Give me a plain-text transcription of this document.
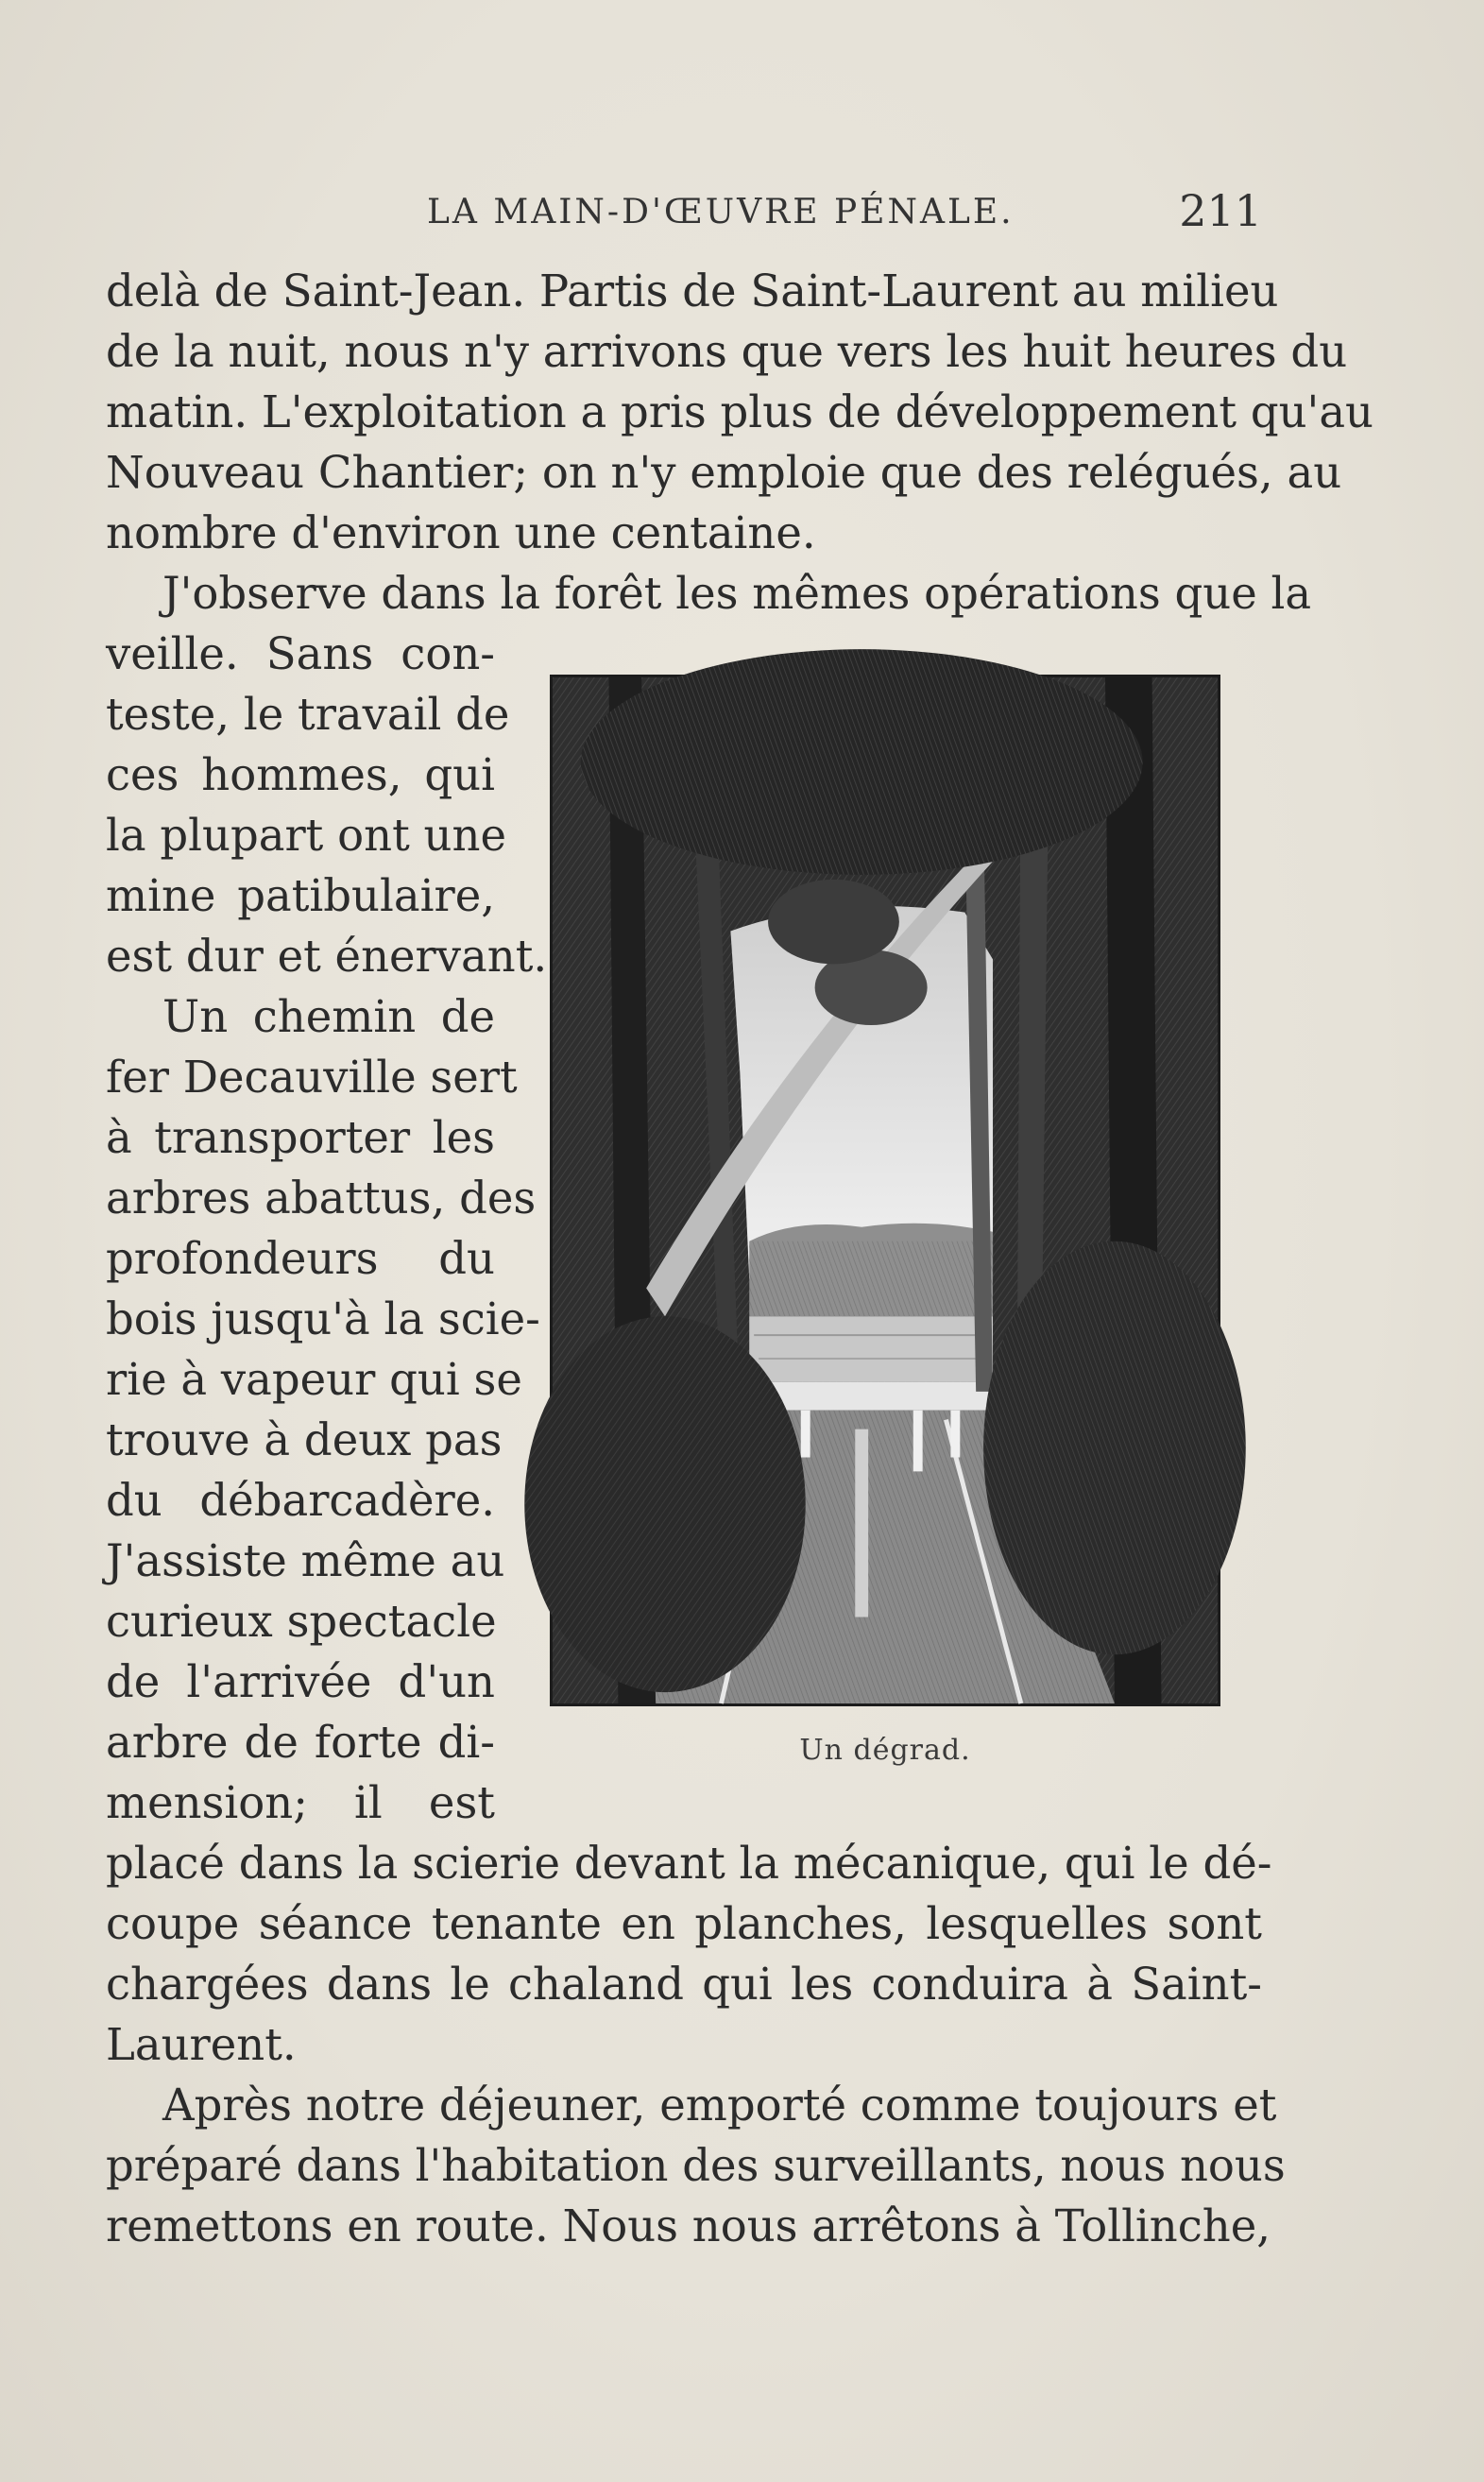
LA MAIN-D'ŒUVRE PÉNALE.	211
delà de Saint-Jean. Partis de Saint-Laurent au milieu
de la nuit, nous n'y arrivons que vers les huit heures du
matin. L'exploitation a pris plus de développement qu'au
Nouveau Chantier; on n'y emploie que des relégués, au
nombre d'environ une centaine.
J'observe dans la forêt les mêmes opérations que la
veille. Sans con-
teste, le travail de
ces hommes, qui
la plupart ont une
mine patibulaire,
est dur et énervant.
Un chemin de
fer Decauville sert
à transporter les
arbres abattus, des
profondeurs du
bois jusqu'à la scie-
rie à vapeur qui se
trouve à deux pas
du débarcadère.
J'assiste même au
curieux spectacle
de l'arrivée d'un
arbre de forte di-
mension; il est
Un dégrad.
placé dans la scierie devant la mécanique, qui le dé-
coupe séance tenante en planches, lesquelles sont
chargées dans le chaland qui les conduira à Saint-
Laurent.
Après notre déjeuner, emporté comme toujours et
préparé dans l'habitation des surveillants, nous nous
remettons en route. Nous nous arrêtons à Tollinche,
